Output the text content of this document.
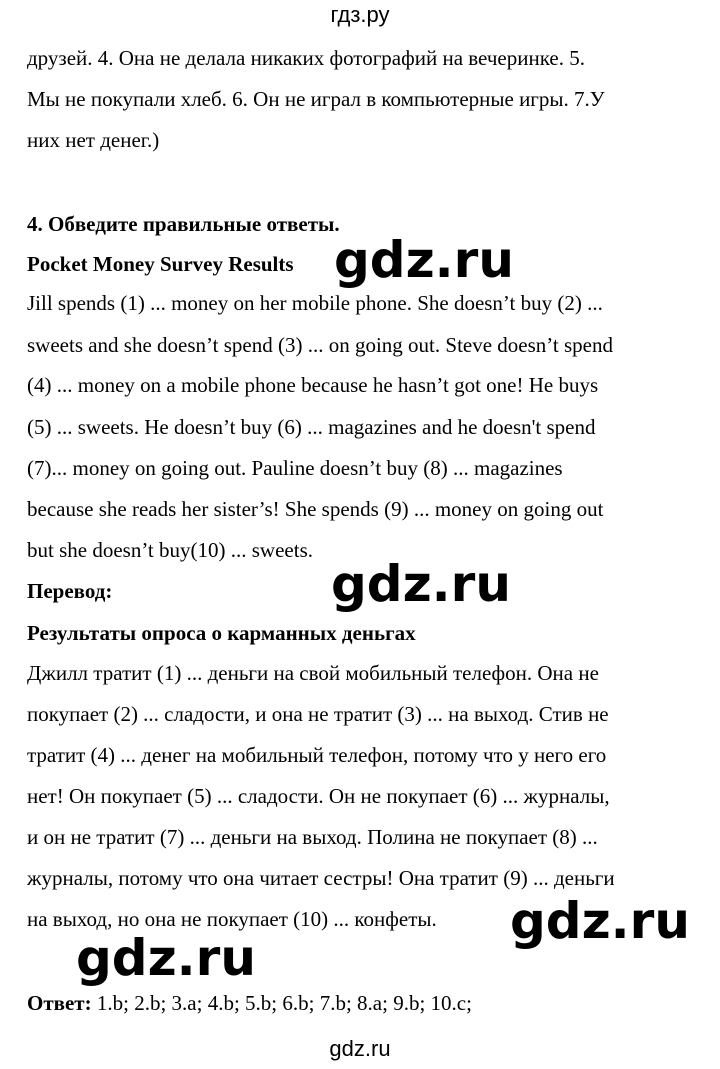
гдз.ру
друзей. 4. Она не делала никаких фотографий на вечеринке. 5.
Мы не покупали хлеб. 6. Он не играл в компьютерные игры. 7.У
них нет денег.)
4. Обведите правильные ответы.
Pocket Money Survey Results gdz.ru
Jill spends (1) ... money on her mobile phone. She doesn’t buy (2) ...
sweets and she doesn’t spend (3) ... on going out. Steve doesn’t spend
(4) ... money on a mobile phone because he hasn’t got one! He buys
(5) ... sweets. He doesn’t buy (6) ... magazines and he doesn't spend
(7)... money on going out. Pauline doesn’t buy (8) ... magazines
because she reads her sister’s! She spends (9) ... money on going out
but she doesn’t buy(10) ... sweets.
gdz.ru
Перевод:
Результаты опроса о карманных деньгах
Джилл тратит (1) ... деньги на свой мобильный телефон. Она не
покупает (2) ... сладости, и она не тратит (3) ... на выход. Стив не
тратит (4) ... денег на мобильный телефон, потому что у него его
нет! Он покупает (5) ... сладости. Он не покупает (6) ... журналы,
и он не тратит (7) ... деньги на выход. Полина не покупает (8) ...
журналы, потому что она читает сестры! Она тратит (9) ... деньги
на выход, но она не покупает (10) ... конфеты.	gdz.ru
gdz.ru
Ответ: 1.b; 2.b; 3.a; 4.b; 5.b; 6.b; 7.b; 8.a; 9.b; 10.c;
gdz.ru
